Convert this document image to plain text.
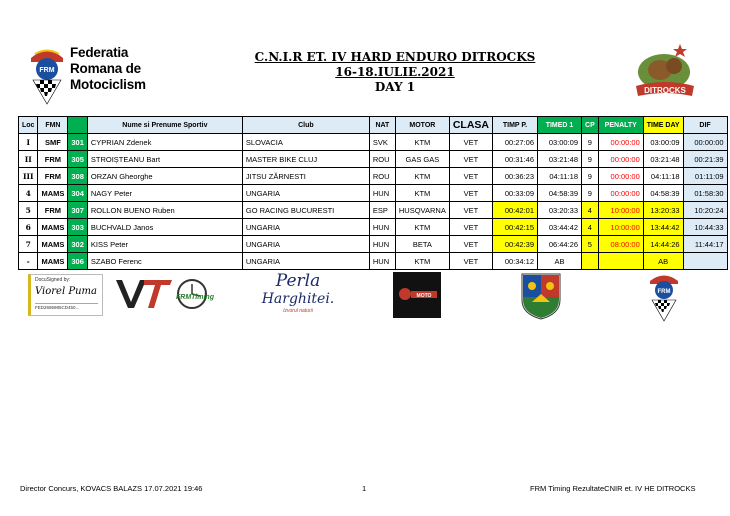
FRM
Federatia
Romana de
Motociclism
C.N.I.R ET. IV HARD ENDURO DITROCKS
16-18.IULIE.2021
DAY 1	DITROCKS
Loc	FMN	Nr	Nume si Prenume Sportiv	Club	NAT	MOTOR	CLASA	TIMP P.	TIMED 1	CP	PENALTY	TIME DAY	DIF
I	SMF	301	CYPRIAN Zdenek	SLOVACIA	SVK	KTM	VET	00:27:06	03:00:09	9	00:00:00	03:00:09	00:00:00
II	FRM	305	STROIȘTEANU Bart	MASTER BIKE CLUJ	ROU	GAS GAS	VET	00:31:46	03:21:48	9	00:00:00	03:21:48	00:21:39
III	FRM	308	ORZAN Gheorghe	JITSU ZĂRNESTI	ROU	KTM	VET	00:36:23	04:11:18	9	00:00:00	04:11:18	01:11:09
4	MAMS	304	NAGY Peter	UNGARIA	HUN	KTM	VET	00:33:09	04:58:39	9	00:00:00	04:58:39	01:58:30
5	FRM	307	ROLLON BUENO Ruben	GO RACING BUCURESTI	ESP	HUSQVARNA	VET	00:42:01	03:20:33	4	10:00:00	13:20:33	10:20:24
6	MAMS	303	BUCHVALD Janos	UNGARIA	HUN	KTM	VET	00:42:15	03:44:42	4	10:00:00	13:44:42	10:44:33
7	MAMS	302	KISS Peter	UNGARIA	HUN	BETA	VET	00:42:39	06:44:26	5	08:00:00	14:44:26	11:44:17
-	MAMS	306	SZABO Ferenc	UNGARIA	HUN	KTM	VET	00:34:12	AB			AB	
DocuSigned by:
Viorel Puma
FED2696985CD450...
FRMTiming
Perla
Harghitei.
Izvorul naturii
MOTO
FRM
Director Concurs, KOVACS BALAZS 17.07.2021 19:46	1	FRM Timing RezultateCNIR et. IV HE DITROCKS
